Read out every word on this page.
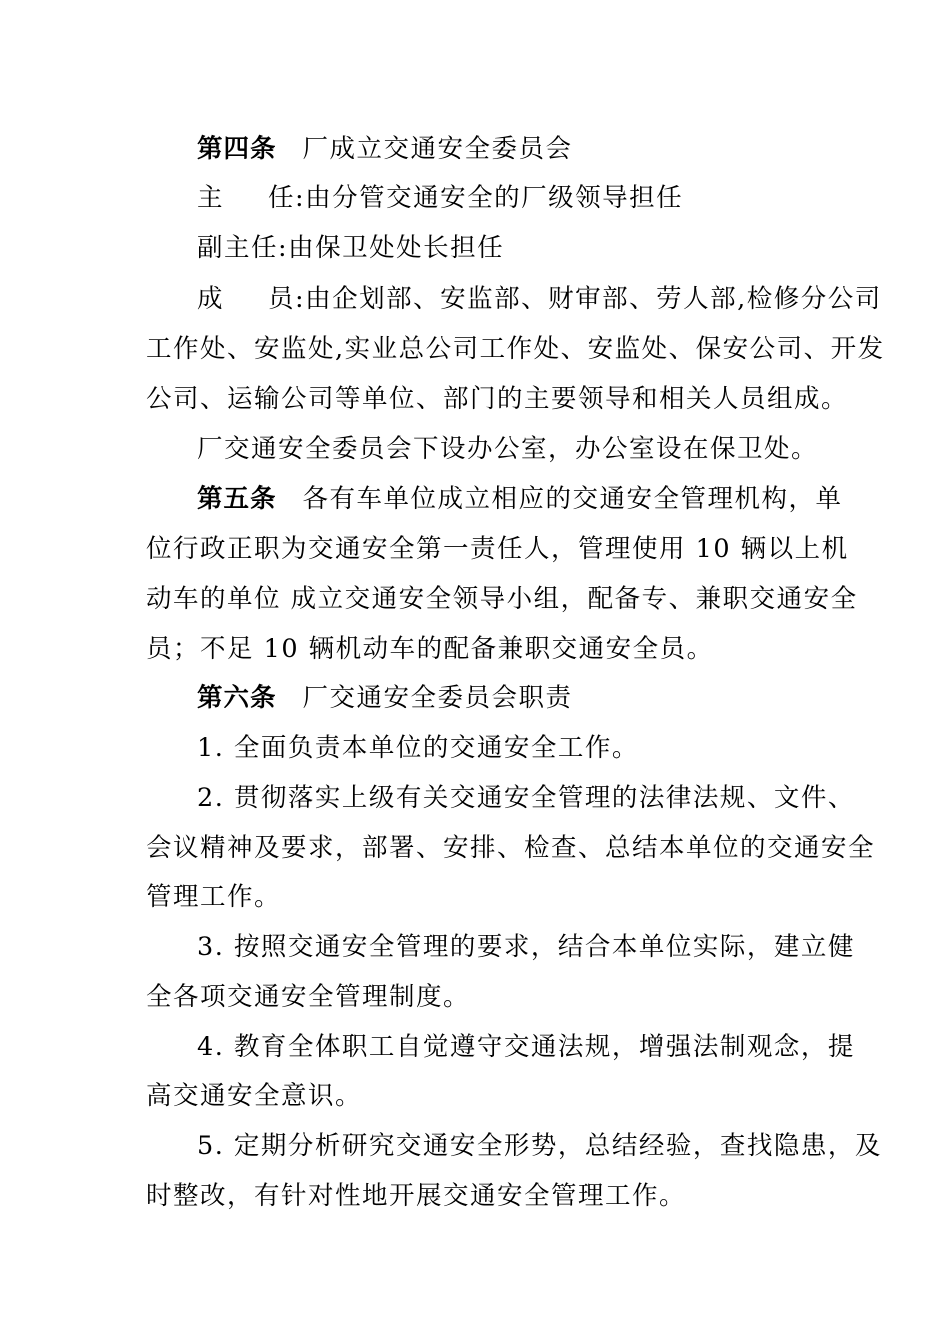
第四条 厂成立交通安全委员会
主 任:由分管交通安全的厂级领导担任
副主任:由保卫处处长担任
成 员:由企划部、安监部、财审部、劳人部,检修分公司
工作处、安监处,实业总公司工作处、安监处、保安公司、开发
公司、运输公司等单位、部门的主要领导和相关人员组成。
厂交通安全委员会下设办公室，办公室设在保卫处。
第五条 各有车单位成立相应的交通安全管理机构，单
位行政正职为交通安全第一责任人，管理使用 10 辆以上机
动车的单位 成立交通安全领导小组，配备专、兼职交通安全
员；不足 10 辆机动车的配备兼职交通安全员。
第六条 厂交通安全委员会职责
1. 全面负责本单位的交通安全工作。
2. 贯彻落实上级有关交通安全管理的法律法规、文件、
会议精神及要求，部署、安排、检查、总结本单位的交通安全
管理工作。
3. 按照交通安全管理的要求，结合本单位实际，建立健
全各项交通安全管理制度。
4. 教育全体职工自觉遵守交通法规，增强法制观念，提
高交通安全意识。
5. 定期分析研究交通安全形势，总结经验，查找隐患，及
时整改，有针对性地开展交通安全管理工作。
